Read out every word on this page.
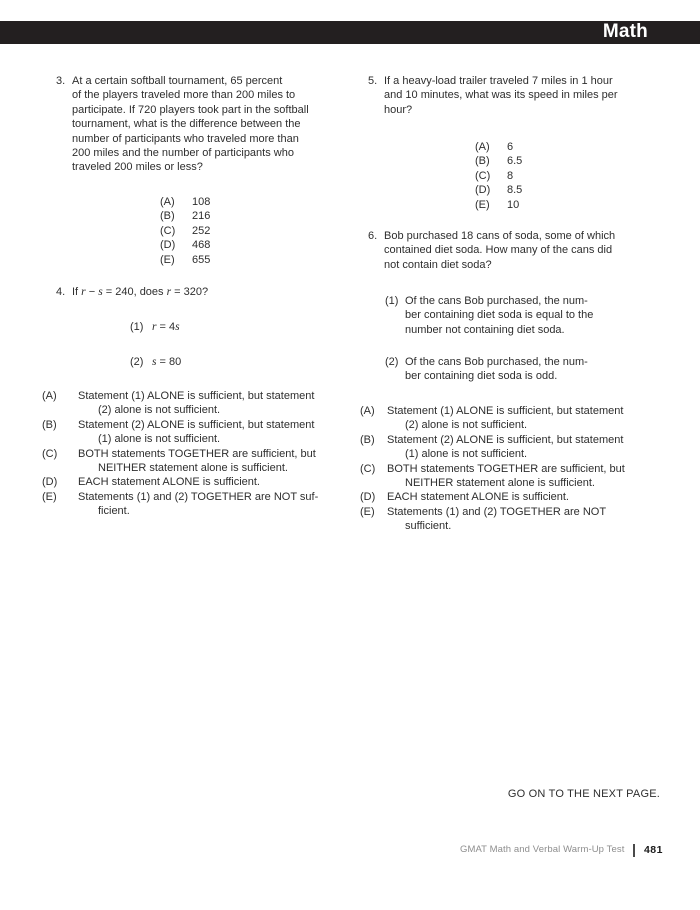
Math
3. At a certain softball tournament, 65 percent
of the players traveled more than 200 miles to
participate. If 720 players took part in the softball
tournament, what is the difference between the
number of participants who traveled more than
200 miles and the number of participants who
traveled 200 miles or less?
(A) 108
(B) 216
(C) 252
(D) 468
(E) 655
4. If r − s = 240, does r = 320?
(1) r = 4s
(2) s = 80
(A)	Statement (1) ALONE is sufficient, but statement
(2) alone is not sufficient.
(B)	Statement (2) ALONE is sufficient, but statement
(1) alone is not sufficient.
(C)	BOTH statements TOGETHER are sufficient, but
NEITHER statement alone is sufficient.
(D)	EACH statement ALONE is sufficient.
(E)	Statements (1) and (2) TOGETHER are NOT suf-
ficient.
5. If a heavy-load trailer traveled 7 miles in 1 hour
and 10 minutes, what was its speed in miles per
hour?
(A) 6
(B) 6.5
(C) 8
(D) 8.5
(E) 10
6. Bob purchased 18 cans of soda, some of which
contained diet soda. How many of the cans did
not contain diet soda?
(1) Of the cans Bob purchased, the num-
ber containing diet soda is equal to the
number not containing diet soda.
(2) Of the cans Bob purchased, the num-
ber containing diet soda is odd.
(A)	Statement (1) ALONE is sufficient, but statement
(2) alone is not sufficient.
(B)	Statement (2) ALONE is sufficient, but statement
(1) alone is not sufficient.
(C)	BOTH statements TOGETHER are sufficient, but
NEITHER statement alone is sufficient.
(D)	EACH statement ALONE is sufficient.
(E)	Statements (1) and (2) TOGETHER are NOT
sufficient.
GO ON TO THE NEXT PAGE.
GMAT Math and Verbal Warm-Up Test 481
